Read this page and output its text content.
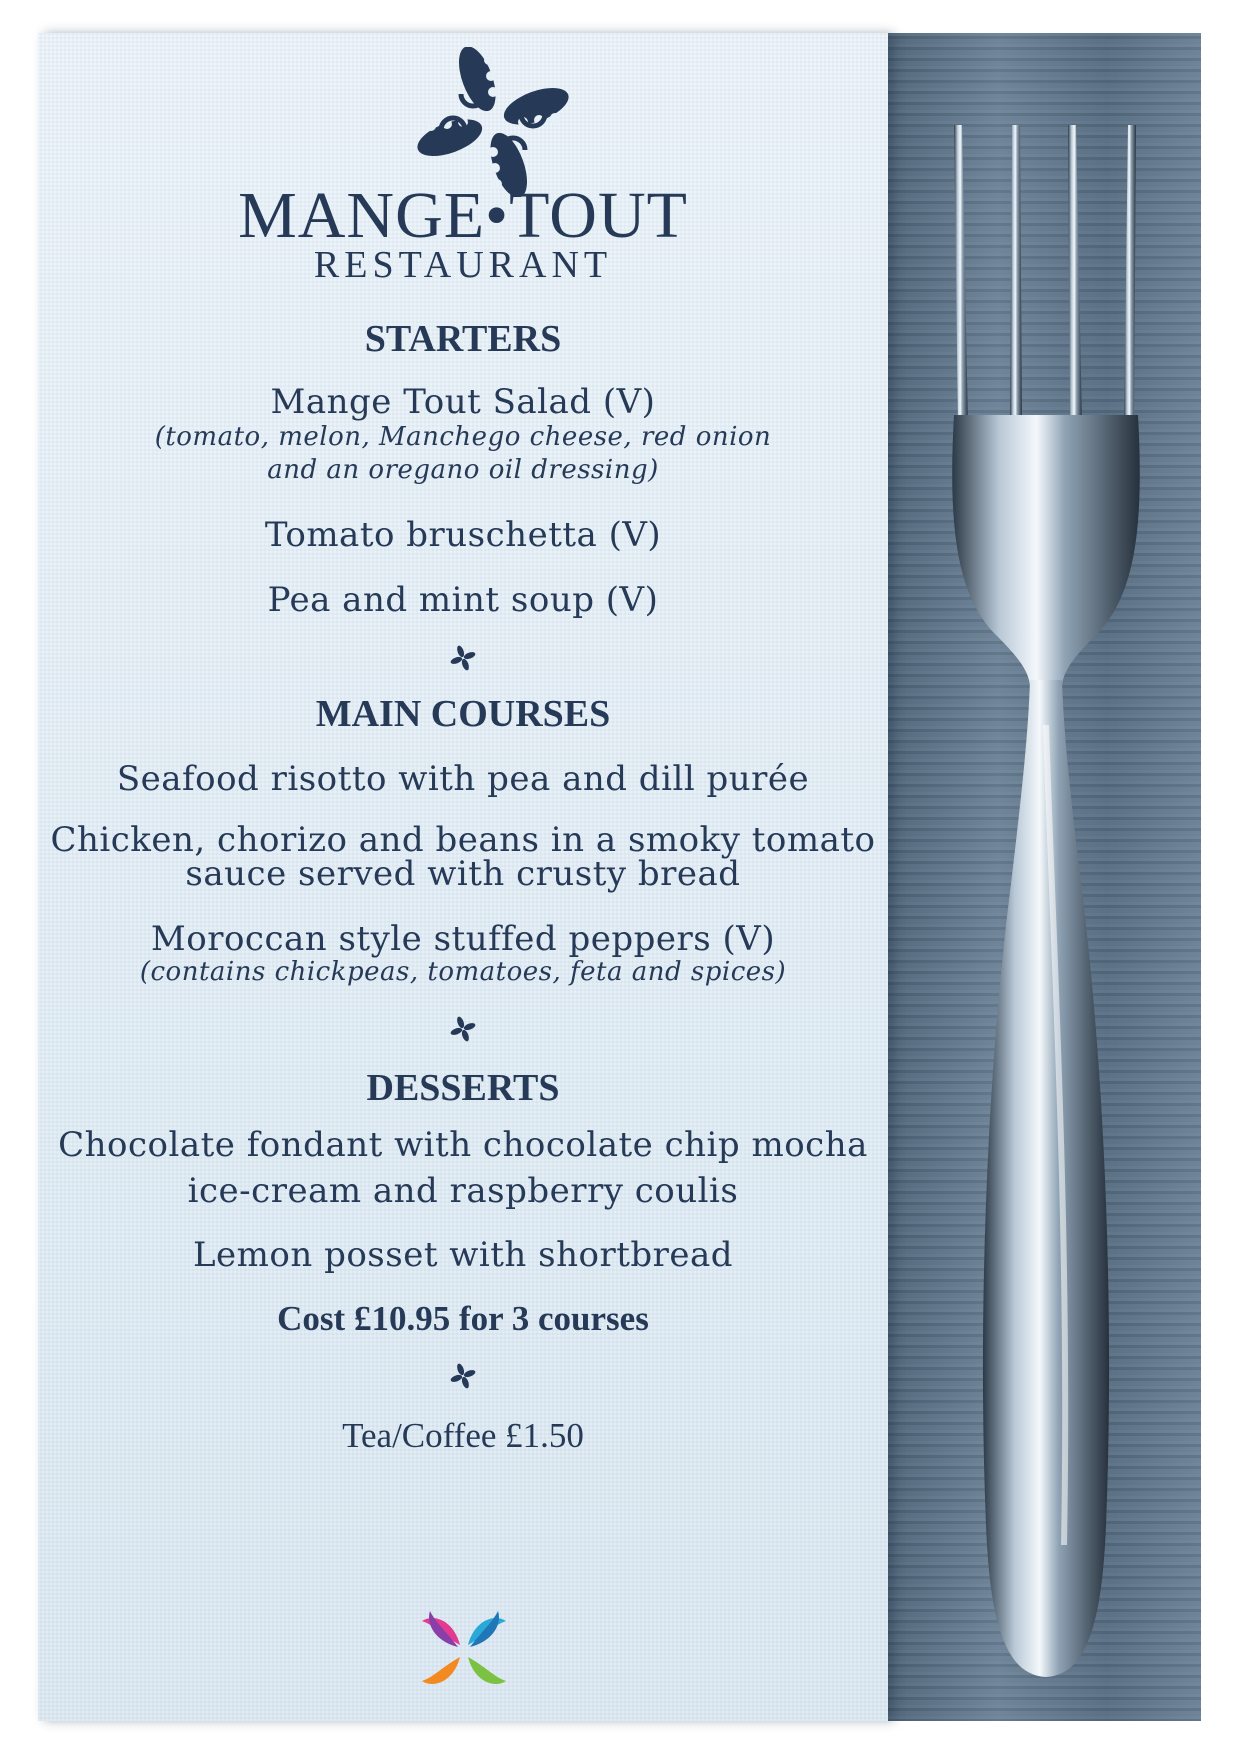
MANGE•TOUT
RESTAURANT
STARTERS
Mange Tout Salad (V)
(tomato, melon, Manchego cheese, red onion
and an oregano oil dressing)
Tomato bruschetta (V)
Pea and mint soup (V)
MAIN COURSES
Seafood risotto with pea and dill purée
Chicken, chorizo and beans in a smoky tomato
sauce served with crusty bread
Moroccan style stuffed peppers (V)
(contains chickpeas, tomatoes, feta and spices)
DESSERTS
Chocolate fondant with chocolate chip mocha
ice-cream and raspberry coulis
Lemon posset with shortbread
Cost £10.95 for 3 courses
Tea/Coffee £1.50
